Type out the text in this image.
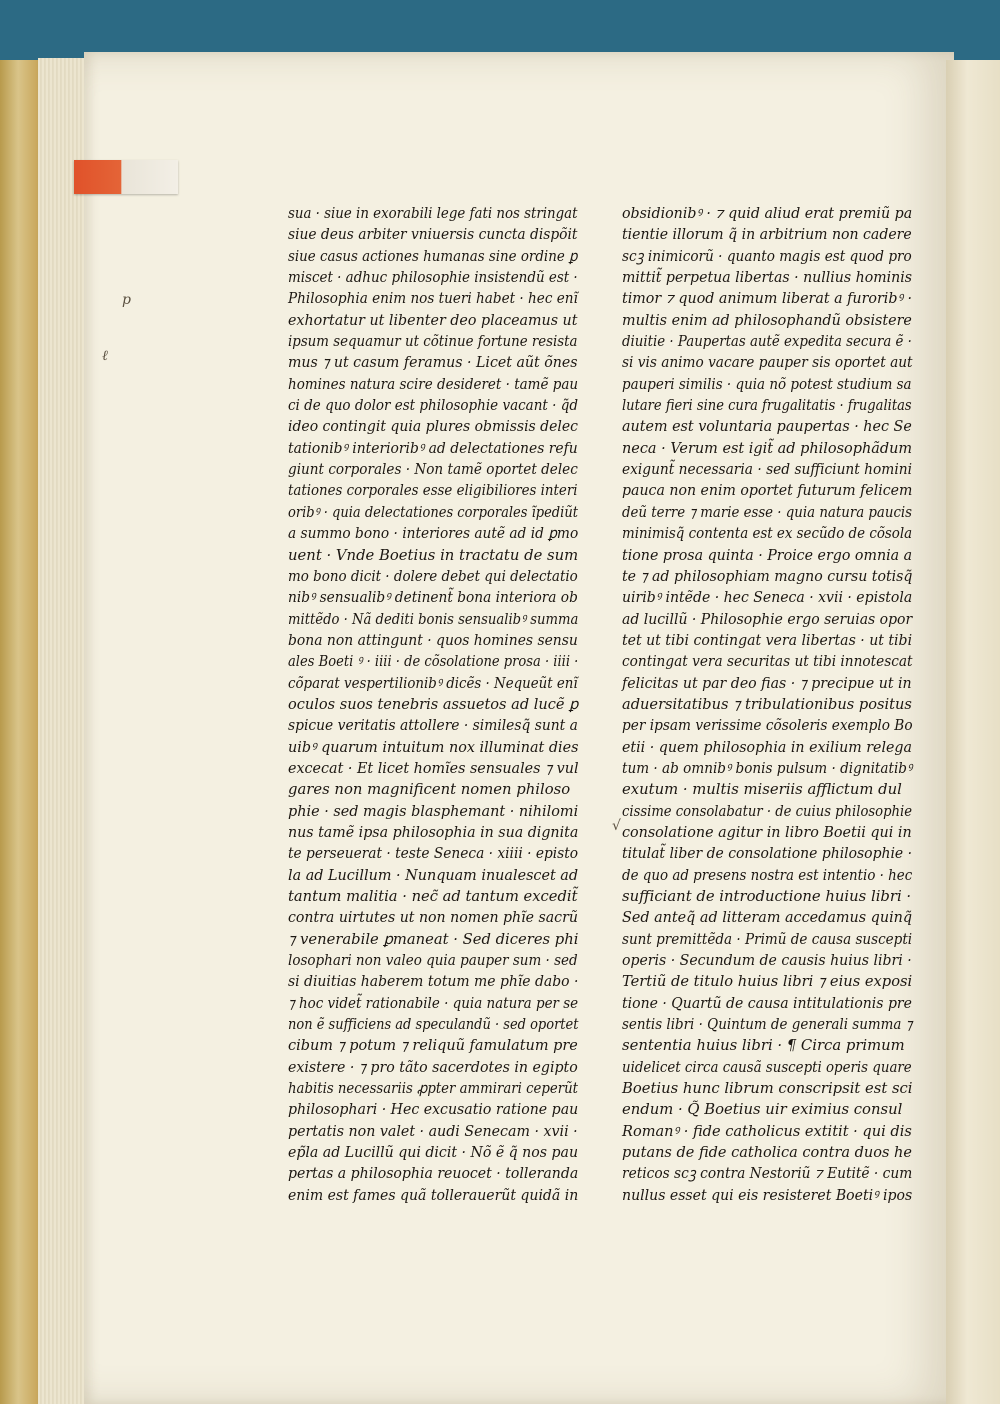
p
ℓ
√
sua · siue in exorabili lege fati nos stringat
siue deus arbiter vniuersis cuncta dispõit
siue casus actiones humanas sine ordine ꝑ
miscet · adhuc philosophie insistendũ est ·
Philosophia enim nos tueri habet · hec enĩ
exhortatur ut libenter deo placeamus ut
ipsum sequamur ut cõtinue fortune resista
mus ⁊ ut casum feramus · Licet aũt õnes
homines natura scire desideret · tamẽ pau
ci de quo dolor est philosophie vacant · q̃d
ideo contingit quia plures obmissis delec
tationibꝰ interioribꝰ ad delectationes refu
giunt corporales · Non tamẽ oportet delec
tationes corporales esse eligibiliores interi
oribꝰ · quia delectationes corporales ĩpediũt
a summo bono · interiores autẽ ad id ꝑmo
uent · Vnde Boetius in tractatu de sum
mo bono dicit · dolere debet qui delectatio
nibꝰ sensualibꝰ detinent̃ bona interiora ob
mittẽdo · Nã dediti bonis sensualibꝰ summa
bona non attingunt · quos homines sensu
ales Boeti ꝰ · iiii · de cõsolatione prosa · iiii ·
cõparat vespertilionibꝰ dicẽs · Nequeũt enĩ
oculos suos tenebris assuetos ad lucẽ ꝑ
spicue veritatis attollere · similesq̃ sunt a
uibꝰ quarum intuitum nox illuminat dies
excecat · Et licet homĩes sensuales ⁊ vul
gares non magnificent nomen philoso
phie · sed magis blasphemant · nihilomi
nus tamẽ ipsa philosophia in sua dignita
te perseuerat · teste Seneca · xiiii · episto
la ad Lucillum · Nunquam inualescet ad
tantum malitia · nec̃ ad tantum excedit̃
contra uirtutes ut non nomen phĩe sacrũ
⁊ venerabile ꝑmaneat · Sed diceres phi
losophari non valeo quia pauper sum · sed
si diuitias haberem totum me phĩe dabo ·
⁊ hoc videt̃ rationabile · quia natura per se
non ẽ sufficiens ad speculandũ · sed oportet
cibum ⁊ potum ⁊ reliquũ famulatum pre
existere · ⁊ pro tãto sacerdotes in egipto
habitis necessariis ꝓpter ammirari ceperũt
philosophari · Hec excusatio ratione pau
pertatis non valet · audi Senecam · xvii ·
ep̃la ad Lucillũ qui dicit · Nõ ẽ q̃ nos pau
pertas a philosophia reuocet · tolleranda
enim est fames quã tollerauerũt quidã in
obsidionibꝰ · ⁊ quid aliud erat premiũ pa
tientie illorum q̃ in arbitrium non cadere
scꝫ inimicorũ · quanto magis est quod pro
mittit̃ perpetua libertas · nullius hominis
timor ⁊ quod animum liberat a furoribꝰ ·
multis enim ad philosophandũ obsistere
diuitie · Paupertas autẽ expedita secura ẽ ·
si vis animo vacare pauper sis oportet aut
pauperi similis · quia nõ potest studium sa
lutare fieri sine cura frugalitatis · frugalitas
autem est voluntaria paupertas · hec Se
neca · Verum est igit̃ ad philosophãdum
exigunt̃ necessaria · sed sufficiunt homini
pauca non enim oportet futurum felicem
deũ terre ⁊ marie esse · quia natura paucis
minimisq̃ contenta est ex secũdo de cõsola
tione prosa quinta · Proice ergo omnia a
te ⁊ ad philosophiam magno cursu totisq̃
uiribꝰ intẽde · hec Seneca · xvii · epistola
ad lucillũ · Philosophie ergo seruias opor
tet ut tibi contingat vera libertas · ut tibi
contingat vera securitas ut tibi innotescat
felicitas ut par deo fias · ⁊ precipue ut in
aduersitatibus ⁊ tribulationibus positus
per ipsam verissime cõsoleris exemplo Bo
etii · quem philosophia in exilium relega
tum · ab omnibꝰ bonis pulsum · dignitatibꝰ
exutum · multis miseriis afflictum dul
cissime consolabatur · de cuius philosophie
consolatione agitur in libro Boetii qui in
titulat̃ liber de consolatione philosophie ·
de quo ad presens nostra est intentio · hec
sufficiant de introductione huius libri ·
Sed anteq̃ ad litteram accedamus quinq̃
sunt premittẽda · Primũ de causa suscepti
operis · Secundum de causis huius libri ·
Tertiũ de titulo huius libri ⁊ eius exposi
tione · Quartũ de causa intitulationis pre
sentis libri · Quintum de generali summa ⁊
sententia huius libri · ¶ Circa primum
uidelicet circa causã suscepti operis quare
Boetius hunc librum conscripsit est sci
endum · Q̃ Boetius uir eximius consul
Romanꝰ · fide catholicus extitit · qui dis
putans de fide catholica contra duos he
reticos scꝫ contra Nestoriũ ⁊ Eutitẽ · cum
nullus esset qui eis resisteret Boetiꝰ ipos
